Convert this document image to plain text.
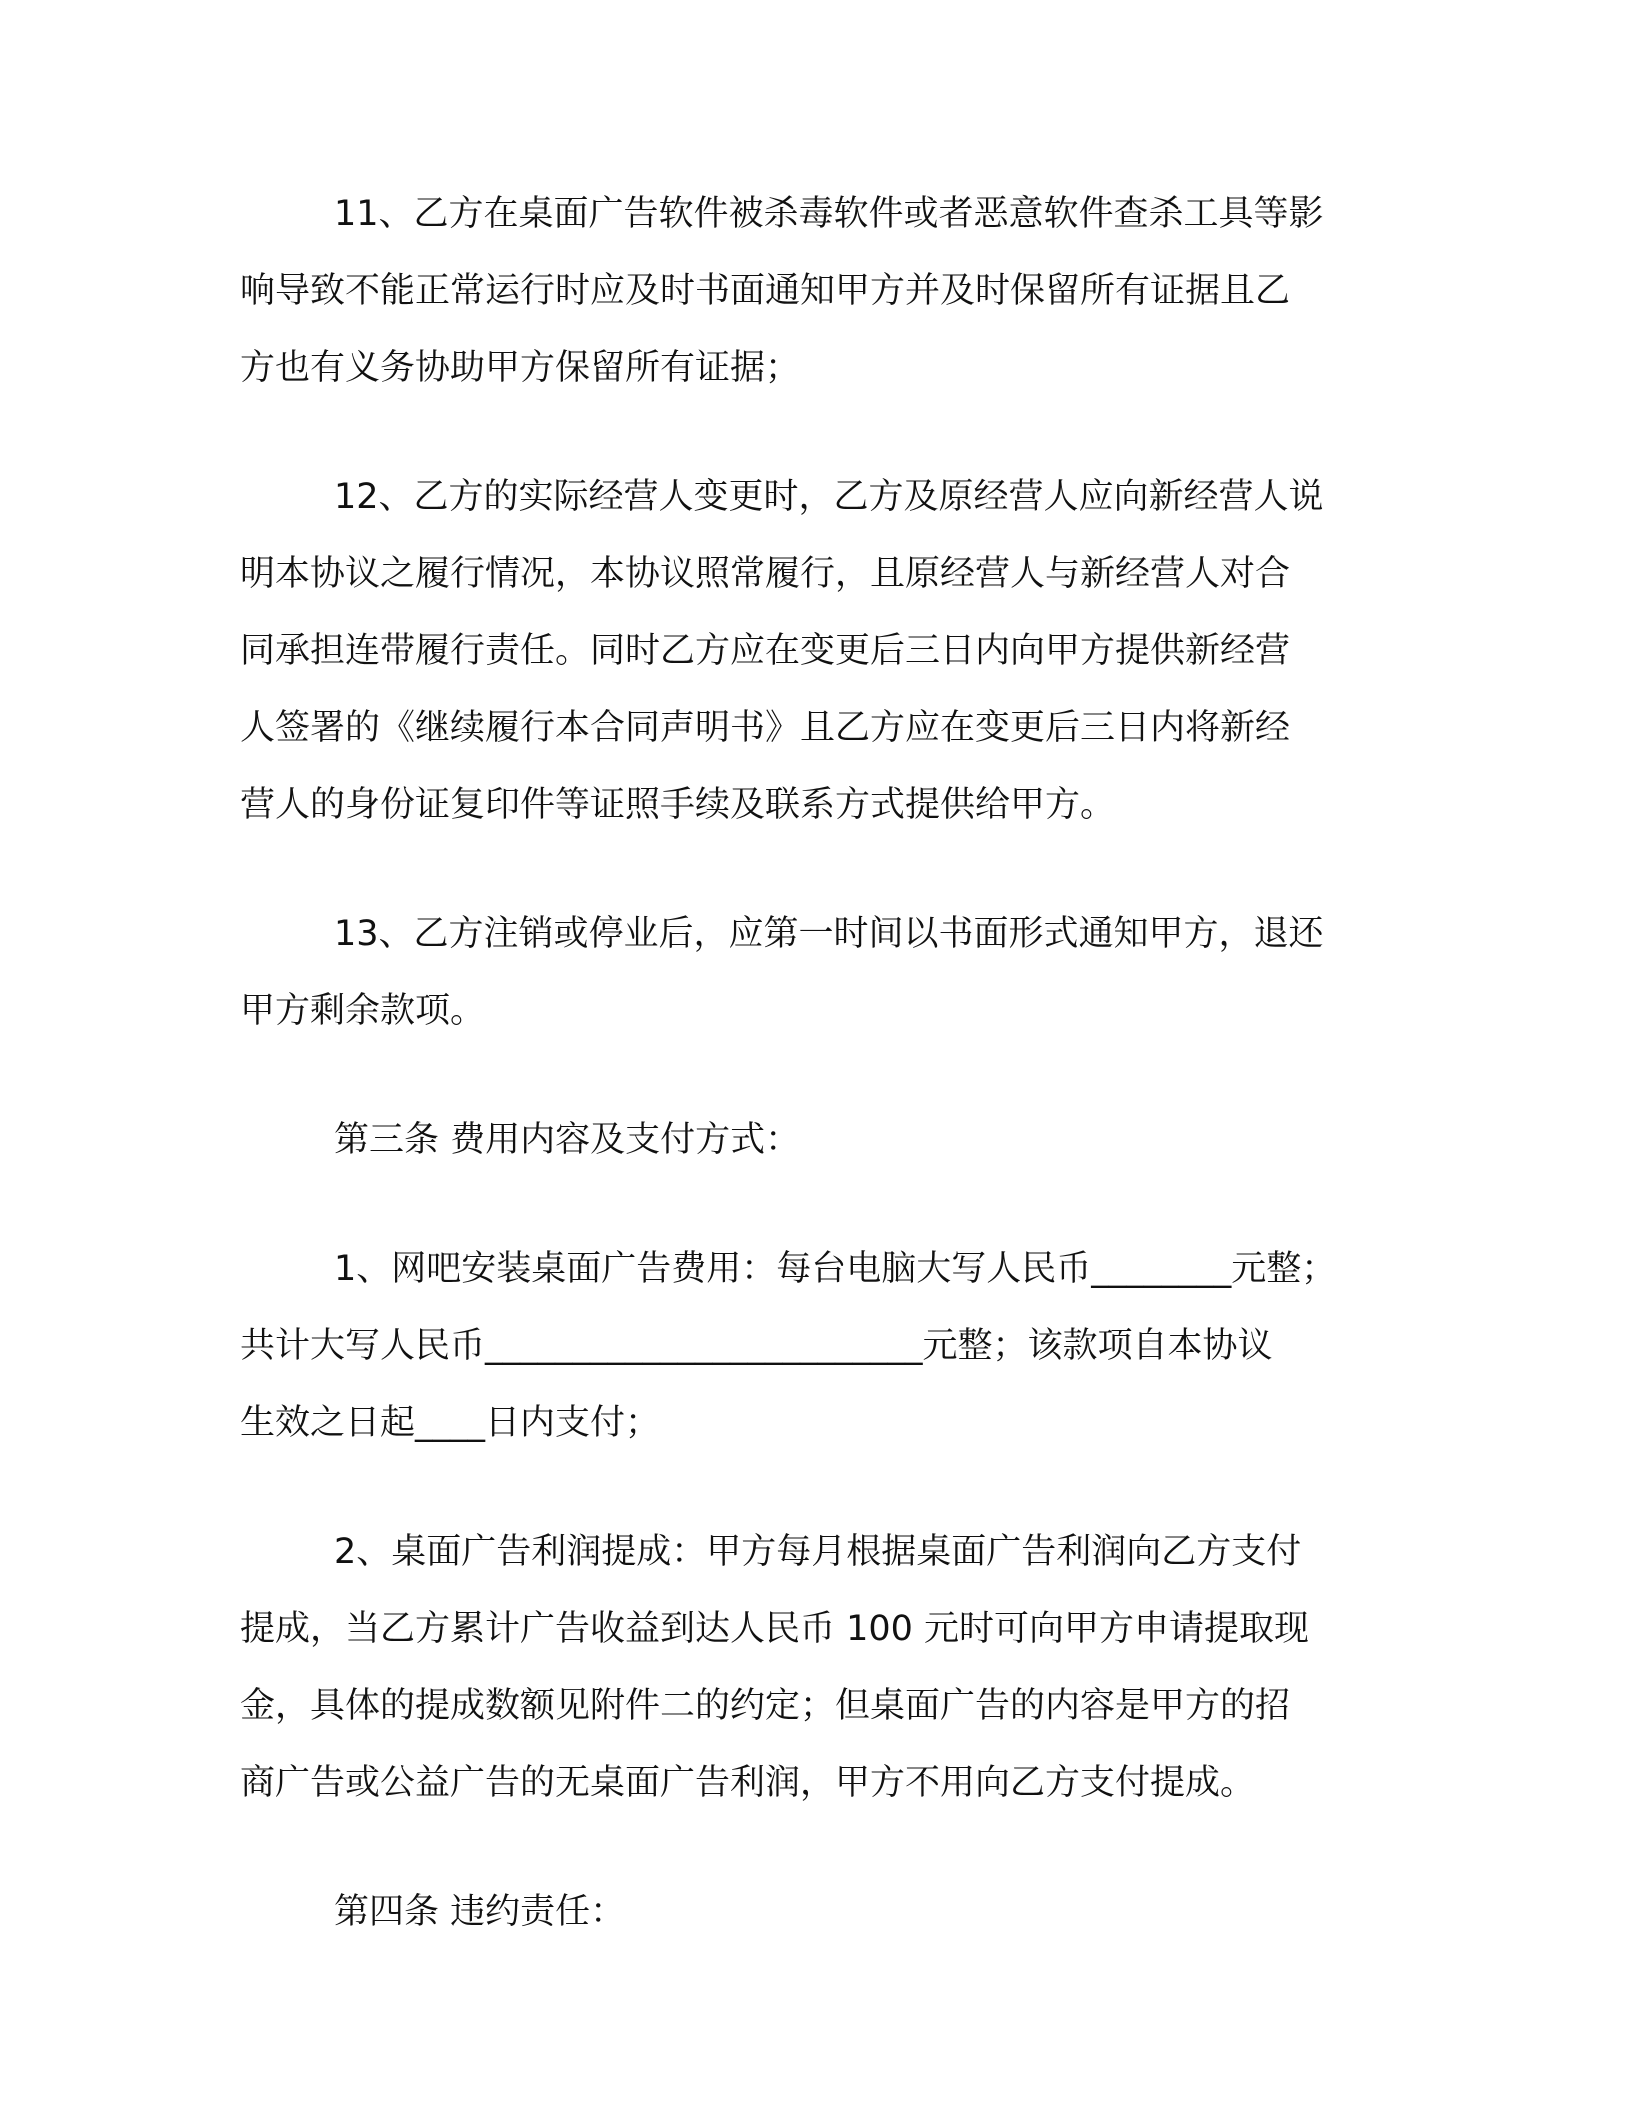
11、乙方在桌面广告软件被杀毒软件或者恶意软件查杀工具等影
响导致不能正常运行时应及时书面通知甲方并及时保留所有证据且乙
方也有义务协助甲方保留所有证据；
12、乙方的实际经营人变更时，乙方及原经营人应向新经营人说
明本协议之履行情况，本协议照常履行，且原经营人与新经营人对合
同承担连带履行责任。同时乙方应在变更后三日内向甲方提供新经营
人签署的《继续履行本合同声明书》且乙方应在变更后三日内将新经
营人的身份证复印件等证照手续及联系方式提供给甲方。
13、乙方注销或停业后，应第一时间以书面形式通知甲方，退还
甲方剩余款项。
第三条 费用内容及支付方式：
1、网吧安装桌面广告费用：每台电脑大写人民币________元整；
共计大写人民币_________________________元整；该款项自本协议
生效之日起____日内支付；
2、桌面广告利润提成：甲方每月根据桌面广告利润向乙方支付
提成，当乙方累计广告收益到达人民币 100 元时可向甲方申请提取现
金，具体的提成数额见附件二的约定；但桌面广告的内容是甲方的招
商广告或公益广告的无桌面广告利润，甲方不用向乙方支付提成。
第四条 违约责任：
